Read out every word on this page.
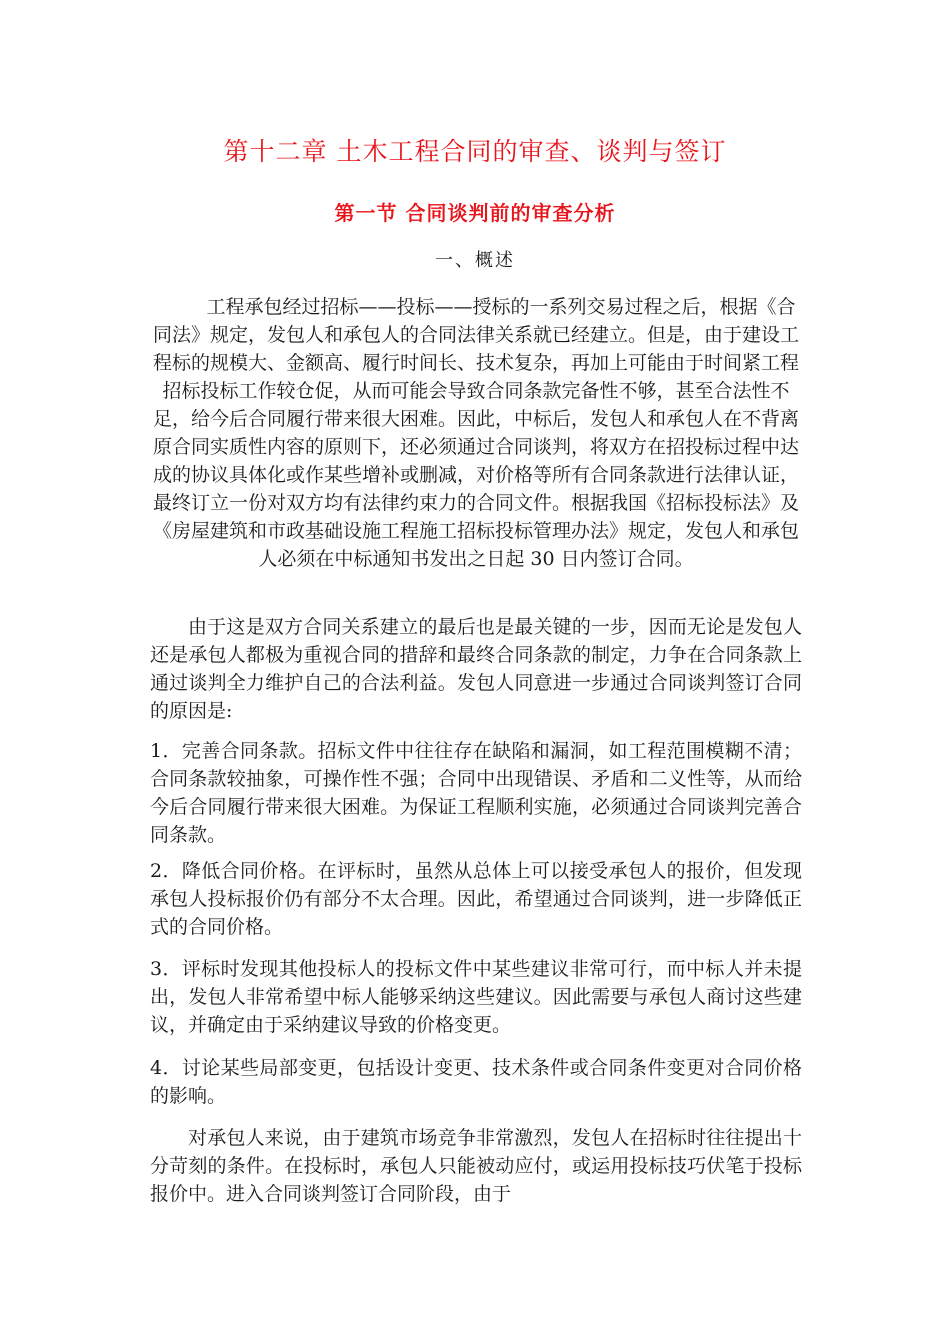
第十二章 土木工程合同的审查、谈判与签订
第一节 合同谈判前的审查分析
一、概述

工程承包经过招标——投标——授标的一系列交易过程之后，根据《合同法》规定，发包人和承包人的合同法律关系就已经建立。但是，由于建设工程标的规模大、金额高、履行时间长、技术复杂，再加上可能由于时间紧工程招标投标工作较仓促，从而可能会导致合同条款完备性不够，甚至合法性不足，给今后合同履行带来很大困难。因此，中标后，发包人和承包人在不背离原合同实质性内容的原则下，还必须通过合同谈判，将双方在招投标过程中达成的协议具体化或作某些增补或删减，对价格等所有合同条款进行法律认证，最终订立一份对双方均有法律约束力的合同文件。根据我国《招标投标法》及《房屋建筑和市政基础设施工程施工招标投标管理办法》规定，发包人和承包人必须在中标通知书发出之日起 30 日内签订合同。

由于这是双方合同关系建立的最后也是最关键的一步，因而无论是发包人还是承包人都极为重视合同的措辞和最终合同条款的制定，力争在合同条款上通过谈判全力维护自己的合法利益。发包人同意进一步通过合同谈判签订合同的原因是:

1．完善合同条款。招标文件中往往存在缺陷和漏洞，如工程范围模糊不清；合同条款较抽象，可操作性不强；合同中出现错误、矛盾和二义性等，从而给今后合同履行带来很大困难。为保证工程顺利实施，必须通过合同谈判完善合同条款。

2．降低合同价格。在评标时，虽然从总体上可以接受承包人的报价，但发现承包人投标报价仍有部分不太合理。因此，希望通过合同谈判，进一步降低正式的合同价格。

3．评标时发现其他投标人的投标文件中某些建议非常可行，而中标人并未提出，发包人非常希望中标人能够采纳这些建议。因此需要与承包人商讨这些建议，并确定由于采纳建议导致的价格变更。

4．讨论某些局部变更，包括设计变更、技术条件或合同条件变更对合同价格的影响。

对承包人来说，由于建筑市场竞争非常激烈，发包人在招标时往往提出十分苛刻的条件。在投标时，承包人只能被动应付，或运用投标技巧伏笔于投标报价中。进入合同谈判签订合同阶段，由于
